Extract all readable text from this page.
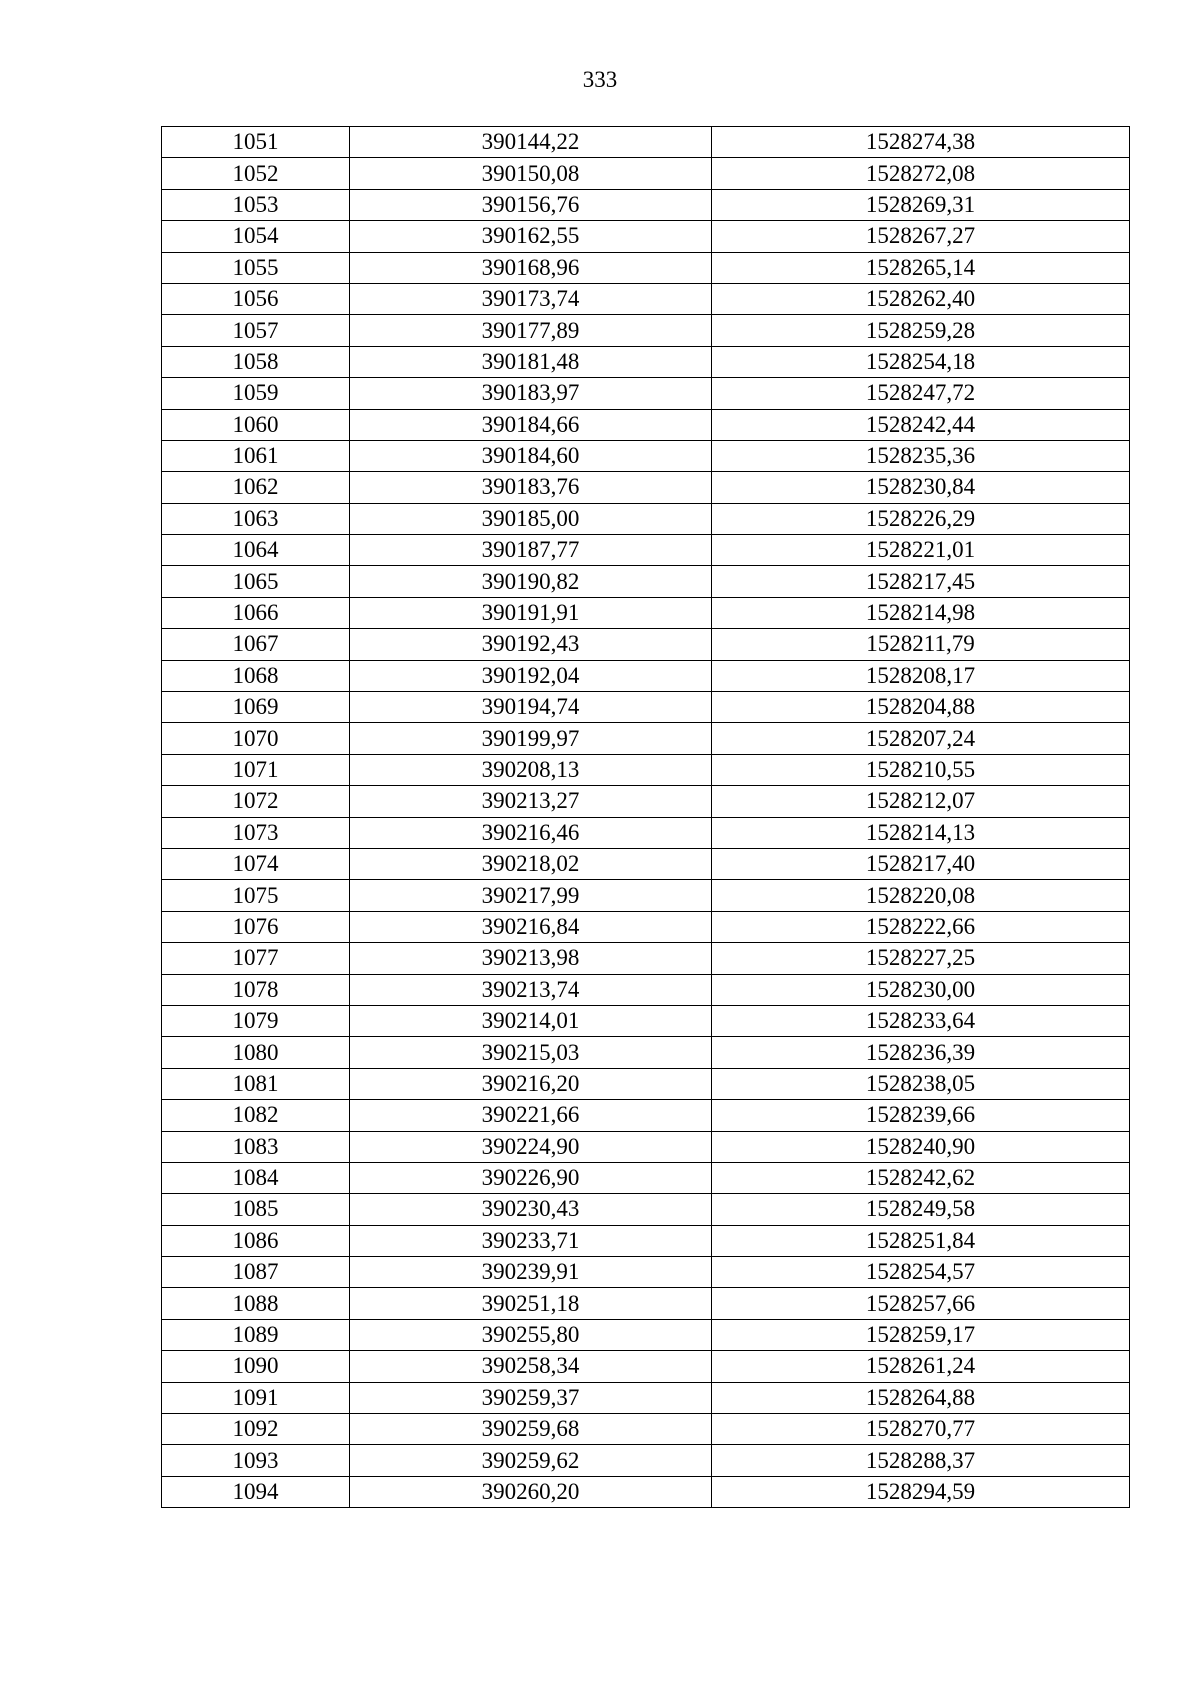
333
1051	390144,22	1528274,38
1052	390150,08	1528272,08
1053	390156,76	1528269,31
1054	390162,55	1528267,27
1055	390168,96	1528265,14
1056	390173,74	1528262,40
1057	390177,89	1528259,28
1058	390181,48	1528254,18
1059	390183,97	1528247,72
1060	390184,66	1528242,44
1061	390184,60	1528235,36
1062	390183,76	1528230,84
1063	390185,00	1528226,29
1064	390187,77	1528221,01
1065	390190,82	1528217,45
1066	390191,91	1528214,98
1067	390192,43	1528211,79
1068	390192,04	1528208,17
1069	390194,74	1528204,88
1070	390199,97	1528207,24
1071	390208,13	1528210,55
1072	390213,27	1528212,07
1073	390216,46	1528214,13
1074	390218,02	1528217,40
1075	390217,99	1528220,08
1076	390216,84	1528222,66
1077	390213,98	1528227,25
1078	390213,74	1528230,00
1079	390214,01	1528233,64
1080	390215,03	1528236,39
1081	390216,20	1528238,05
1082	390221,66	1528239,66
1083	390224,90	1528240,90
1084	390226,90	1528242,62
1085	390230,43	1528249,58
1086	390233,71	1528251,84
1087	390239,91	1528254,57
1088	390251,18	1528257,66
1089	390255,80	1528259,17
1090	390258,34	1528261,24
1091	390259,37	1528264,88
1092	390259,68	1528270,77
1093	390259,62	1528288,37
1094	390260,20	1528294,59
